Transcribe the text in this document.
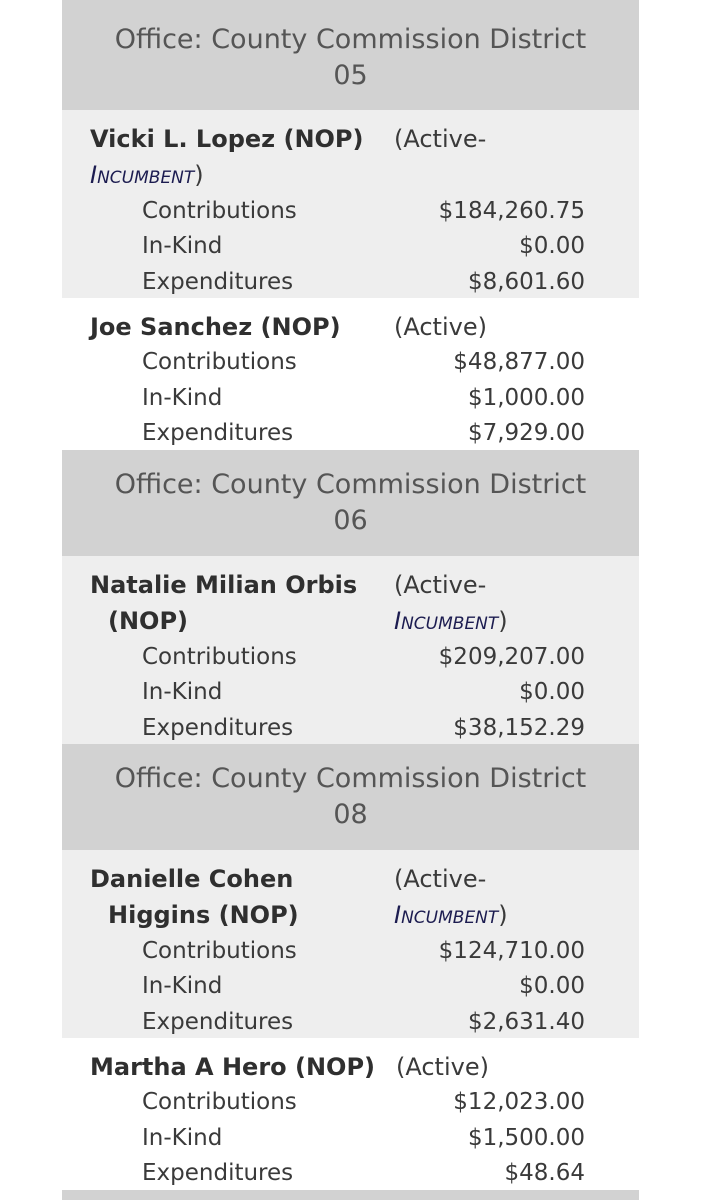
Office: County Commission District
05
Vicki L. Lopez (NOP) (Active-
Incumbent)
Contributions	$184,260.75
In-Kind	$0.00
Expenditures	$8,601.60
Joe Sanchez (NOP) (Active)
Contributions	$48,877.00
In-Kind	$1,000.00
Expenditures	$7,929.00
Office: County Commission District
06
Natalie Milian Orbis
(NOP)
(Active-
Incumbent)
Contributions	$209,207.00
In-Kind	$0.00
Expenditures	$38,152.29
Office: County Commission District
08
Danielle Cohen
Higgins (NOP)
(Active-
Incumbent)
Contributions	$124,710.00
In-Kind	$0.00
Expenditures	$2,631.40
Martha A Hero (NOP) (Active)
Contributions	$12,023.00
In-Kind	$1,500.00
Expenditures	$48.64
